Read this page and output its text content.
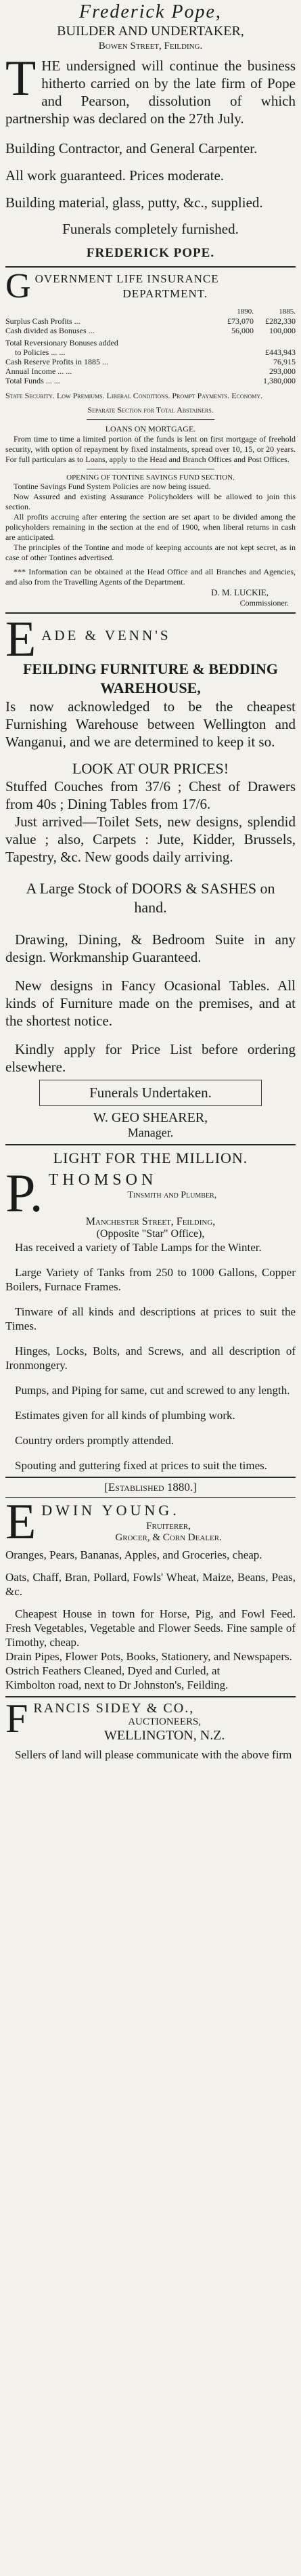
Frederick Pope,
BUILDER AND UNDERTAKER,
Bowen Street, Feilding.

THE undersigned will continue the business hitherto carried on by the late firm of Pope and Pearson, dissolution of which partnership was declared on the 27th July.

Building Contractor, and General Carpenter.

All work guaranteed. Prices moderate.

Building material, glass, putty, &c., supplied.

Funerals completely furnished.

FREDERICK POPE.

G OVERNMENT LIFE INSURANCE
DEPARTMENT.
	1890.	1885.
Surplus Cash Profits ...	£73,070	£282,330
Cash divided as Bonuses ...	56,000	100,000
Total Reversionary Bonuses added		
to Policies ... ...		£443,943
Cash Reserve Profits in 1885 ...		76,915
Annual Income ... ...		293,000
Total Funds ... ...		1,380,000

State Security. Low Premiums. Liberal Conditions. Prompt Payments. Economy.

Separate Section for Total Abstainers.

LOANS ON MORTGAGE.

From time to time a limited portion of the funds is lent on first mortgage of freehold security, with option of repayment by fixed instalments, spread over 10, 15, or 20 years. For full particulars as to Loans, apply to the Head and Branch Offices and Post Offices.

OPENING OF TONTINE SAVINGS FUND SECTION.

Tontine Savings Fund System Policies are now being issued.

Now Assured and existing Assurance Policyholders will be allowed to join this section.

All profits accruing after entering the section are set apart to be divided among the policyholders remaining in the section at the end of 1900, when liberal returns in cash are anticipated.

The principles of the Tontine and mode of keeping accounts are not kept secret, as in case of other Tontines advertised.

*** Information can be obtained at the Head Office and all Branches and Agencies, and also from the Travelling Agents of the Department.

D. M. LUCKIE,

Commissioner.

E ADE & VENN'S

FEILDING FURNITURE & BEDDING WAREHOUSE,

Is now acknowledged to be the cheapest Furnishing Warehouse between Wellington and Wanganui, and we are determined to keep it so.

LOOK AT OUR PRICES!

Stuffed Couches from 37/6 ; Chest of Drawers from 40s ; Dining Tables from 17/6.

Just arrived—Toilet Sets, new designs, splendid value ; also, Carpets : Jute, Kidder, Brussels, Tapestry, &c. New goods daily arriving.

A Large Stock of DOORS & SASHES on hand.

Drawing, Dining, & Bedroom Suite in any design. Workmanship Guaranteed.

New designs in Fancy Ocasional Tables. All kinds of Furniture made on the premises, and at the shortest notice.

Kindly apply for Price List before ordering elsewhere.

Funerals Undertaken.

W. GEO SHEARER,

Manager.

LIGHT FOR THE MILLION.

P. THOMSON
Tinsmith and Plumber,

Manchester Street, Feilding,

(Opposite "Star" Office),

Has received a variety of Table Lamps for the Winter.

Large Variety of Tanks from 250 to 1000 Gallons, Copper Boilers, Furnace Frames.

Tinware of all kinds and descriptions at prices to suit the Times.

Hinges, Locks, Bolts, and Screws, and all description of Ironmongery.

Pumps, and Piping for same, cut and screwed to any length.

Estimates given for all kinds of plumbing work.

Country orders promptly attended.

Spouting and guttering fixed at prices to suit the times.

[Established 1880.]

E DWIN YOUNG.
Fruiterer,
Grocer, & Corn Dealer.

Oranges, Pears, Bananas, Apples, and Groceries, cheap.

Oats, Chaff, Bran, Pollard, Fowls' Wheat, Maize, Beans, Peas, &c.

Cheapest House in town for Horse, Pig, and Fowl Feed. Fresh Vegetables, Vegetable and Flower Seeds. Fine sample of Timothy, cheap.

Drain Pipes, Flower Pots, Books, Stationery, and Newspapers.

Ostrich Feathers Cleaned, Dyed and Curled, at

Kimbolton road, next to Dr Johnston's, Feilding.

F RANCIS SIDEY & CO.,
AUCTIONEERS,
WELLINGTON, N.Z.

Sellers of land will please communicate with the above firm
